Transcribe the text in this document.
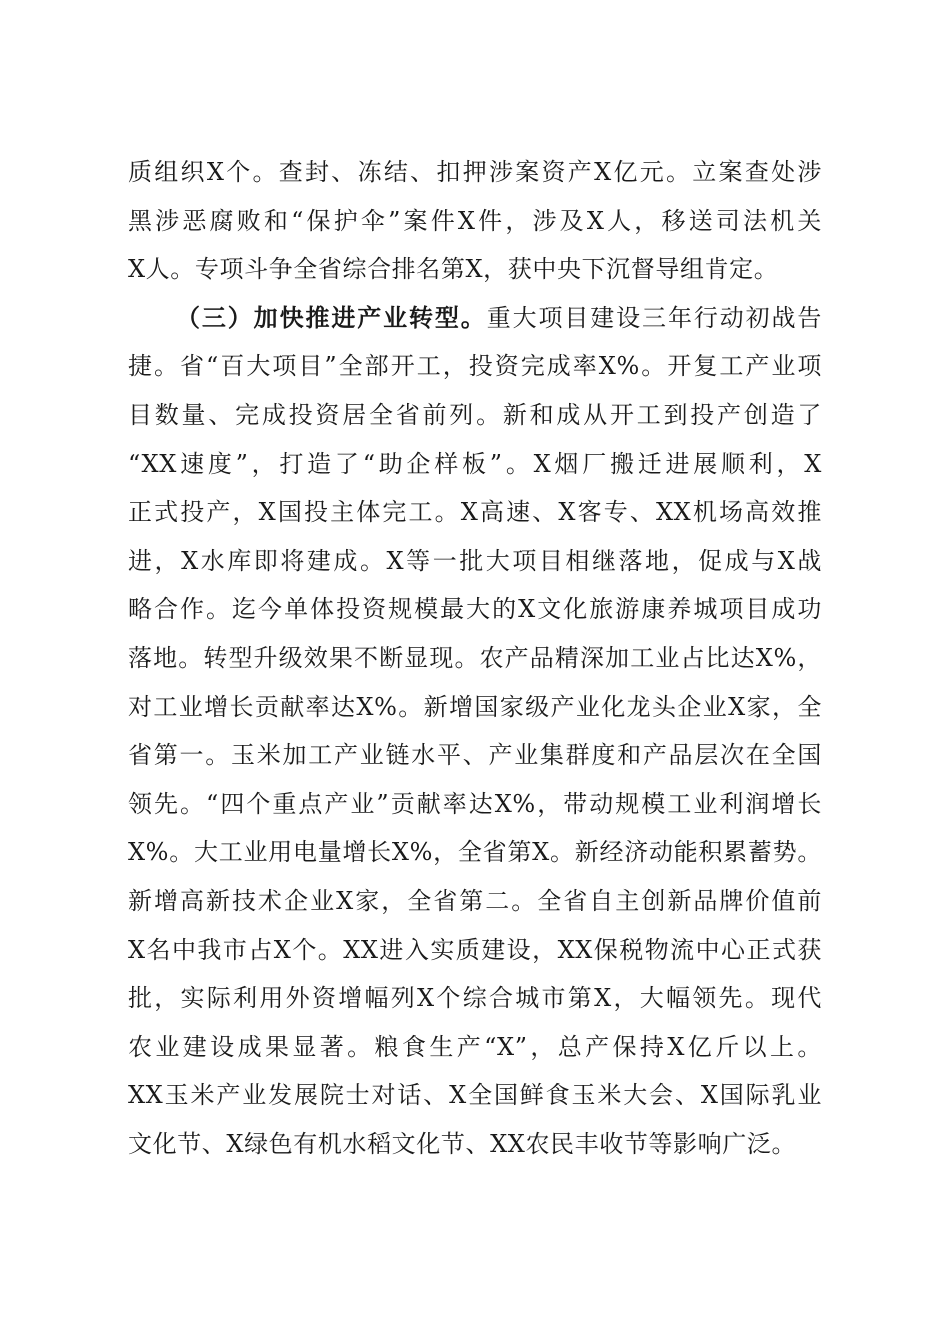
质组织X个。查封、冻结、扣押涉案资产X亿元。立案查处涉
黑涉恶腐败和“保护伞”案件X件，涉及X人，移送司法机关
X人。专项斗争全省综合排名第X，获中央下沉督导组肯定。
（三）加快推进产业转型。重大项目建设三年行动初战告
捷。省“百大项目”全部开工，投资完成率X%。开复工产业项
目数量、完成投资居全省前列。新和成从开工到投产创造了
“XX速度”，打造了“助企样板”。X烟厂搬迁进展顺利，X
正式投产，X国投主体完工。X高速、X客专、XX机场高效推
进，X水库即将建成。X等一批大项目相继落地，促成与X战
略合作。迄今单体投资规模最大的X文化旅游康养城项目成功
落地。转型升级效果不断显现。农产品精深加工业占比达X%，
对工业增长贡献率达X%。新增国家级产业化龙头企业X家，全
省第一。玉米加工产业链水平、产业集群度和产品层次在全国
领先。“四个重点产业”贡献率达X%，带动规模工业利润增长
X%。大工业用电量增长X%，全省第X。新经济动能积累蓄势。
新增高新技术企业X家，全省第二。全省自主创新品牌价值前
X名中我市占X个。XX进入实质建设，XX保税物流中心正式获
批，实际利用外资增幅列X个综合城市第X，大幅领先。现代
农业建设成果显著。粮食生产“X”，总产保持X亿斤以上。
XX玉米产业发展院士对话、X全国鲜食玉米大会、X国际乳业
文化节、X绿色有机水稻文化节、XX农民丰收节等影响广泛。
